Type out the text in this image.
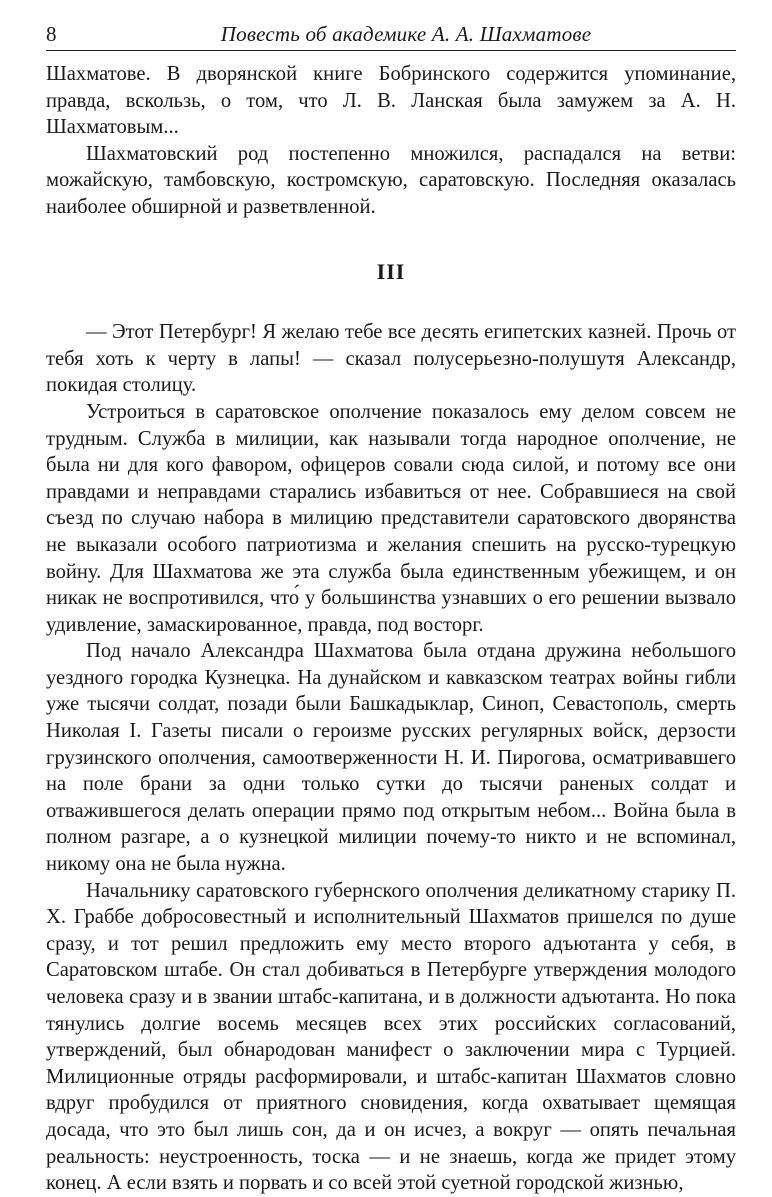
8	Повесть об академике А. А. Шахматове

Шахматове. В дворянской книге Бобринского содержится упоминание, правда, вскользь, о том, что Л. В. Ланская была замужем за А. Н. Шахматовым...

Шахматовский род постепенно множился, распадался на ветви: можайскую, тамбовскую, костромскую, саратовскую. Последняя оказалась наиболее обширной и разветвленной.

III

— Этот Петербург! Я желаю тебе все десять египетских казней. Прочь от тебя хоть к черту в лапы! — сказал полусерьезно-полушутя Александр, покидая столицу.

Устроиться в саратовское ополчение показалось ему делом совсем не трудным. Служба в милиции, как называли тогда народное ополчение, не была ни для кого фавором, офицеров совали сюда силой, и потому все они правдами и неправдами старались избавиться от нее. Собравшиеся на свой съезд по случаю набора в милицию представители саратовского дворянства не выказали особого патриотизма и желания спешить на русско-турецкую войну. Для Шахматова же эта служба была единственным убежищем, и он никак не воспротивился, что́ у большинства узнавших о его решении вызвало удивление, замаскированное, правда, под восторг.

Под начало Александра Шахматова была отдана дружина небольшого уездного городка Кузнецка. На дунайском и кавказском театрах войны гибли уже тысячи солдат, позади были Башкадыклар, Синоп, Севастополь, смерть Николая I. Газеты писали о героизме русских регулярных войск, дерзости грузинского ополчения, самоотверженности Н. И. Пирогова, осматривавшего на поле брани за одни только сутки до тысячи раненых солдат и отважившегося делать операции прямо под открытым небом... Война была в полном разгаре, а о кузнецкой милиции почему-то никто и не вспоминал, никому она не была нужна.

Начальнику саратовского губернского ополчения деликатному старику П. Х. Граббе добросовестный и исполнительный Шахматов пришелся по душе сразу, и тот решил предложить ему место второго адъютанта у себя, в Саратовском штабе. Он стал добиваться в Петербурге утверждения молодого человека сразу и в звании штабс-капитана, и в должности адъютанта. Но пока тянулись долгие восемь месяцев всех этих российских согласований, утверждений, был обнародован манифест о заключении мира с Турцией. Милиционные отряды расформировали, и штабс-капитан Шахматов словно вдруг пробудился от приятного сновидения, когда охватывает щемящая досада, что это был лишь сон, да и он исчез, а вокруг — опять печальная реальность: неустроенность, тоска — и не знаешь, когда же придет этому конец. А если взять и порвать и со всей этой суетной городской жизнью,
